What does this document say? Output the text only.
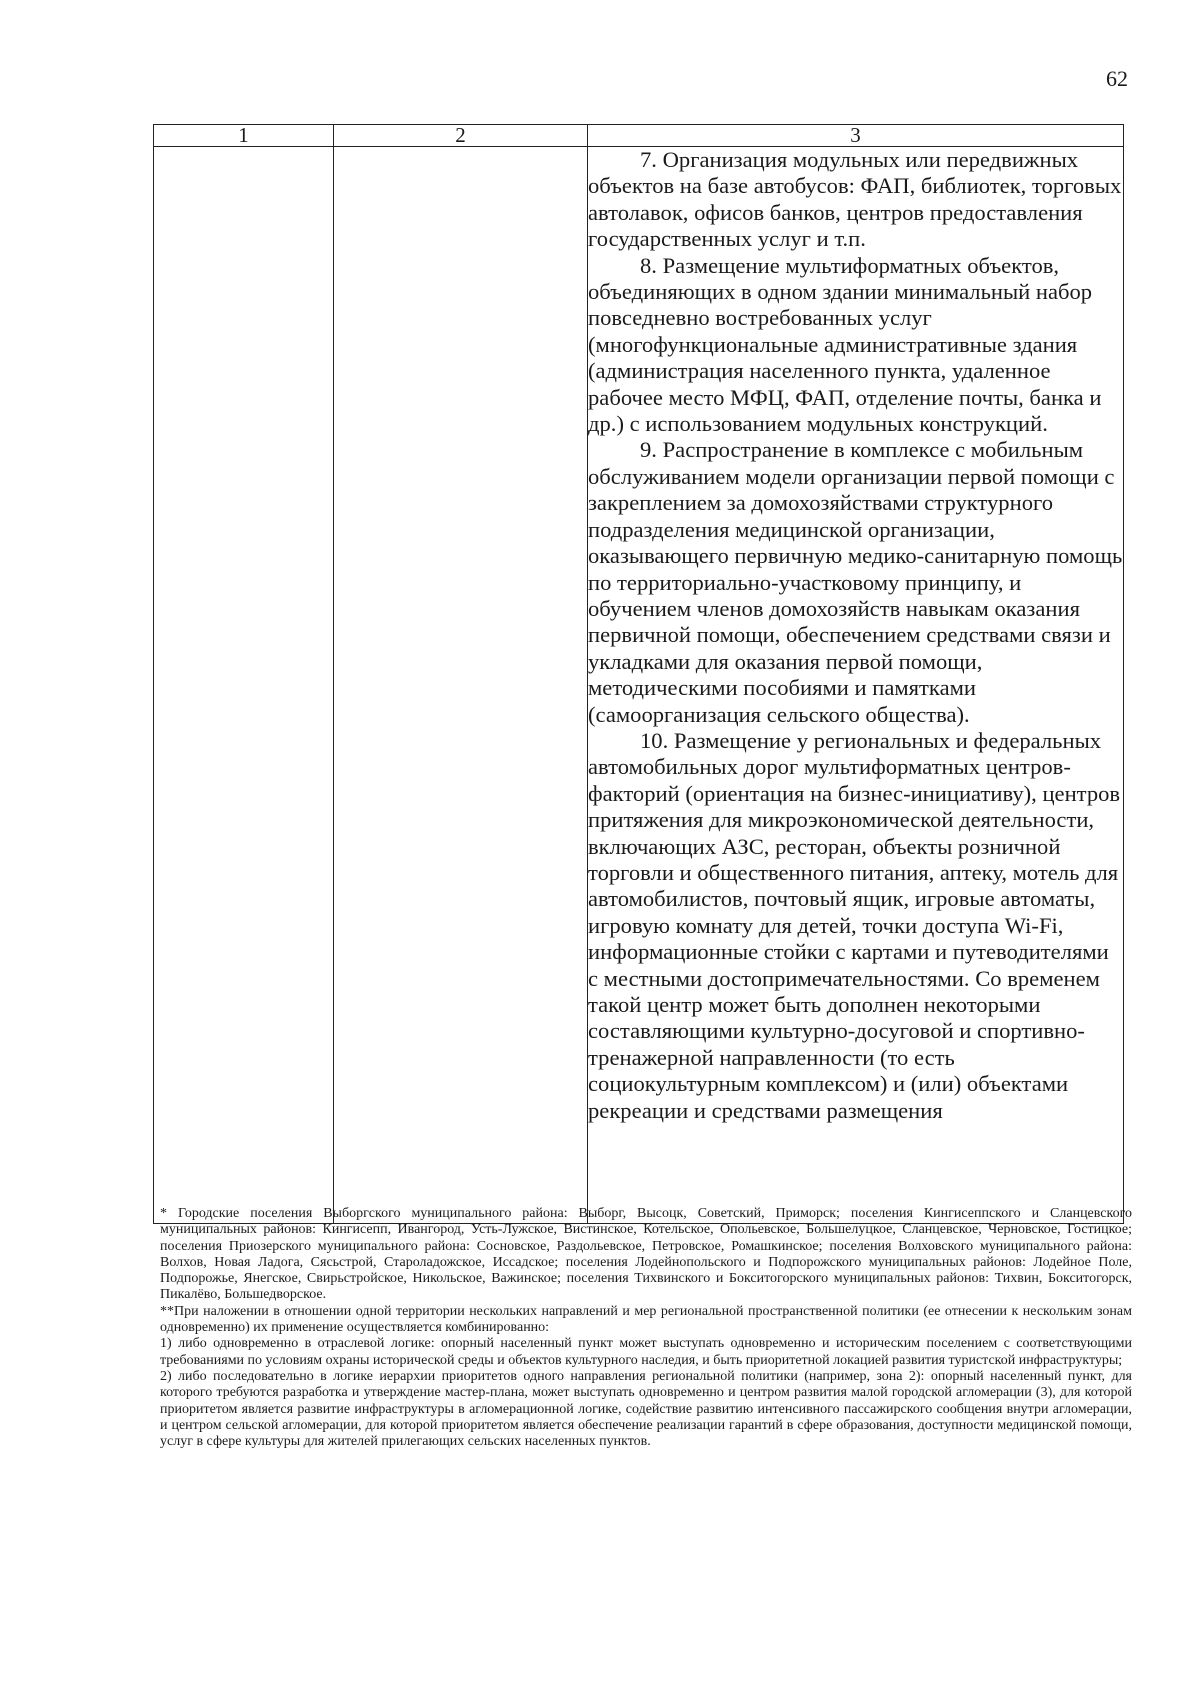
62
1	2	3

		7. Организация модульных или передвижных объектов на базе автобусов: ФАП, библиотек, торговых автолавок, офисов банков, центров предоставления государственных услуг и т.п.

8. Размещение мультиформатных объектов, объединяющих в одном здании минимальный набор повседневно востребованных услуг (многофункциональные административные здания (администрация населенного пункта, удаленное рабочее место МФЦ, ФАП, отделение почты, банка и др.) с использованием модульных конструкций.

9. Распространение в комплексе с мобильным обслуживанием модели организации первой помощи с закреплением за домохозяйствами структурного подразделения медицинской организации, оказывающего первичную медико-санитарную помощь по территориально-участковому принципу, и обучением членов домохозяйств навыкам оказания первичной помощи, обеспечением средствами связи и укладками для оказания первой помощи, методическими пособиями и памятками (самоорганизация сельского общества).

10. Размещение у региональных и федеральных автомобильных дорог мультиформатных центров-факторий (ориентация на бизнес-инициативу), центров притяжения для микроэкономической деятельности, включающих АЗС, ресторан, объекты розничной торговли и общественного питания, аптеку, мотель для автомобилистов, почтовый ящик, игровые автоматы, игровую комнату для детей, точки доступа Wi-Fi, информационные стойки с картами и путеводителями с местными достопримечательностями. Со временем такой центр может быть дополнен некоторыми составляющими культурно-досуговой и спортивно-тренажерной направленности (то есть социокультурным комплексом) и (или) объектами рекреации и средствами размещения

* Городские поселения Выборгского муниципального района: Выборг, Высоцк, Советский, Приморск; поселения Кингисеппского и Сланцевского муниципальных районов: Кингисепп, Ивангород, Усть-Лужское, Вистинское, Котельское, Опольевское, Большелуцкое, Сланцевское, Черновское, Гостицкое; поселения Приозерского муниципального района: Сосновское, Раздольевское, Петровское, Ромашкинское; поселения Волховского муниципального района: Волхов, Новая Ладога, Сясьстрой, Староладожское, Иссадское; поселения Лодейнопольского и Подпорожского муниципальных районов: Лодейное Поле, Подпорожье, Янегское, Свирьстройское, Никольское, Важинское; поселения Тихвинского и Бокситогорского муниципальных районов: Тихвин, Бокситогорск, Пикалёво, Большедворское.

**При наложении в отношении одной территории нескольких направлений и мер региональной пространственной политики (ее отнесении к нескольким зонам одновременно) их применение осуществляется комбинированно:

1) либо одновременно в отраслевой логике: опорный населенный пункт может выступать одновременно и историческим поселением с соответствующими требованиями по условиям охраны исторической среды и объектов культурного наследия, и быть приоритетной локацией развития туристской инфраструктуры;

2) либо последовательно в логике иерархии приоритетов одного направления региональной политики (например, зона 2): опорный населенный пункт, для которого требуются разработка и утверждение мастер-плана, может выступать одновременно и центром развития малой городской агломерации (3), для которой приоритетом является развитие инфраструктуры в агломерационной логике, содействие развитию интенсивного пассажирского сообщения внутри агломерации, и центром сельской агломерации, для которой приоритетом является обеспечение реализации гарантий в сфере образования, доступности медицинской помощи, услуг в сфере культуры для жителей прилегающих сельских населенных пунктов.
